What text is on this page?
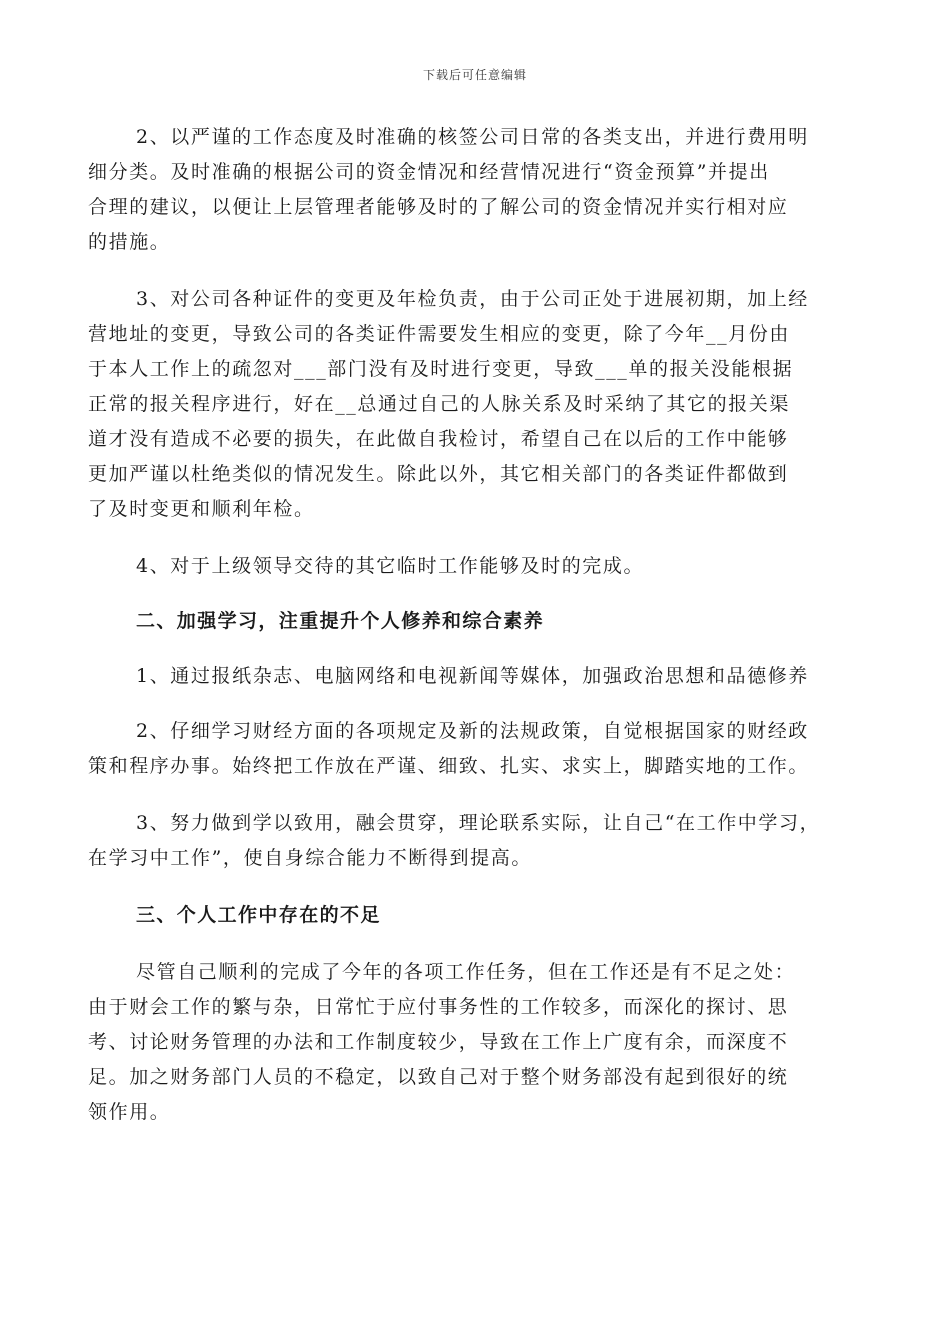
下载后可任意编辑
2、以严谨的工作态度及时准确的核签公司日常的各类支出，并进行费用明
细分类。及时准确的根据公司的资金情况和经营情况进行“资金预算”并提出
合理的建议，以便让上层管理者能够及时的了解公司的资金情况并实行相对应
的措施。
3、对公司各种证件的变更及年检负责，由于公司正处于进展初期，加上经
营地址的变更，导致公司的各类证件需要发生相应的变更，除了今年__月份由
于本人工作上的疏忽对___部门没有及时进行变更，导致___单的报关没能根据
正常的报关程序进行，好在__总通过自己的人脉关系及时采纳了其它的报关渠
道才没有造成不必要的损失，在此做自我检讨，希望自己在以后的工作中能够
更加严谨以杜绝类似的情况发生。除此以外，其它相关部门的各类证件都做到
了及时变更和顺利年检。
4、对于上级领导交待的其它临时工作能够及时的完成。
二、加强学习，注重提升个人修养和综合素养
1、通过报纸杂志、电脑网络和电视新闻等媒体，加强政治思想和品德修养
2、仔细学习财经方面的各项规定及新的法规政策，自觉根据国家的财经政
策和程序办事。始终把工作放在严谨、细致、扎实、求实上，脚踏实地的工作。
3、努力做到学以致用，融会贯穿，理论联系实际，让自己“在工作中学习，
在学习中工作”，使自身综合能力不断得到提高。
三、个人工作中存在的不足
尽管自己顺利的完成了今年的各项工作任务，但在工作还是有不足之处：
由于财会工作的繁与杂，日常忙于应付事务性的工作较多，而深化的探讨、思
考、讨论财务管理的办法和工作制度较少，导致在工作上广度有余，而深度不
足。加之财务部门人员的不稳定，以致自己对于整个财务部没有起到很好的统
领作用。
